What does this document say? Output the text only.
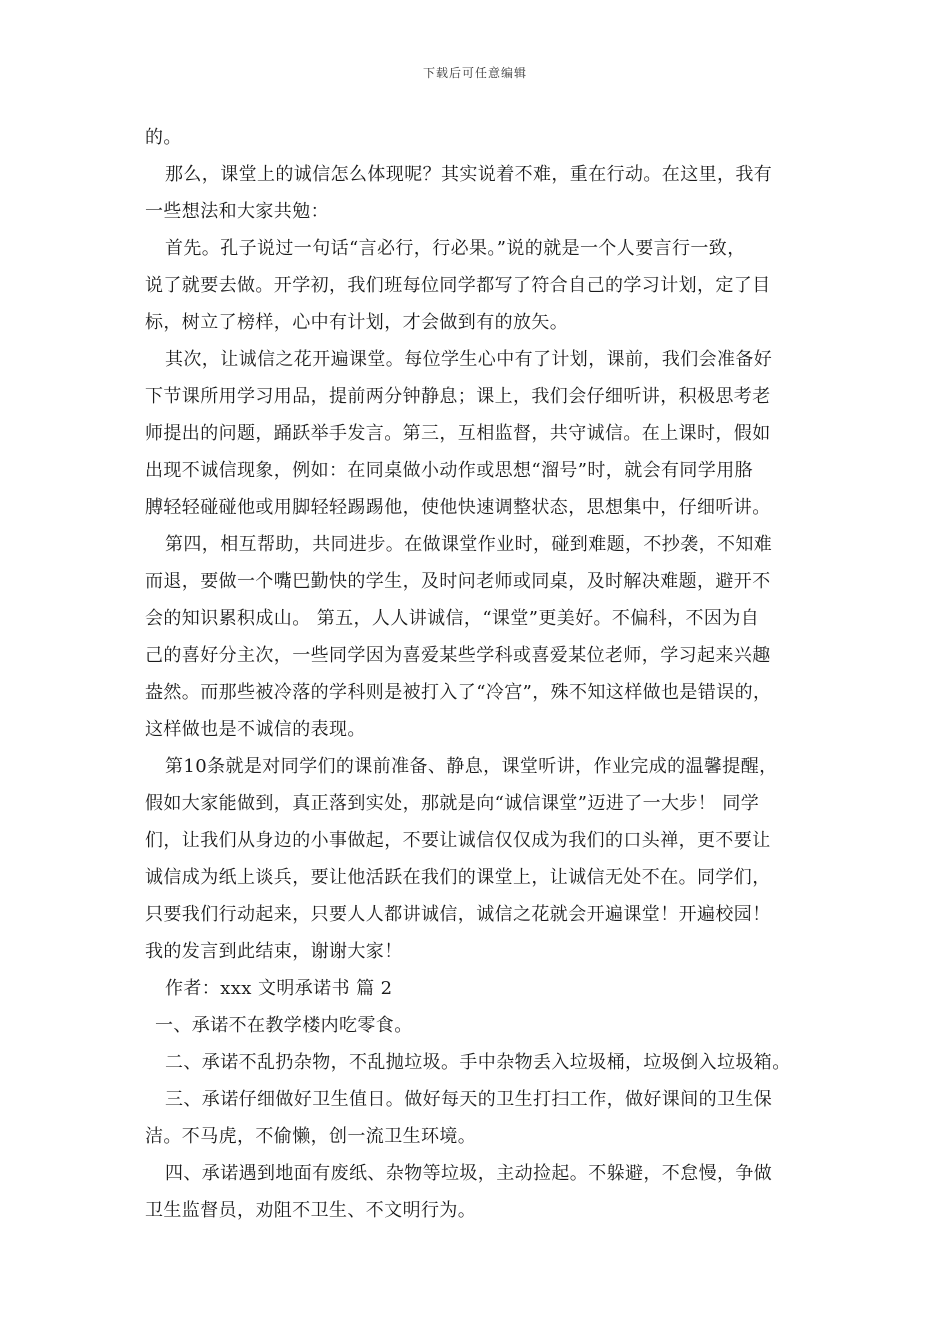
下载后可任意编辑
的。
那么，课堂上的诚信怎么体现呢？其实说着不难，重在行动。在这里，我有
一些想法和大家共勉：
首先。孔子说过一句话“言必行，行必果。”说的就是一个人要言行一致，
说了就要去做。开学初，我们班每位同学都写了符合自己的学习计划，定了目
标，树立了榜样，心中有计划，才会做到有的放矢。
其次，让诚信之花开遍课堂。每位学生心中有了计划，课前，我们会准备好
下节课所用学习用品，提前两分钟静息；课上，我们会仔细听讲，积极思考老
师提出的问题，踊跃举手发言。第三，互相监督，共守诚信。在上课时，假如
出现不诚信现象，例如：在同桌做小动作或思想“溜号”时，就会有同学用胳
膊轻轻碰碰他或用脚轻轻踢踢他，使他快速调整状态，思想集中，仔细听讲。
第四，相互帮助，共同进步。在做课堂作业时，碰到难题，不抄袭，不知难
而退，要做一个嘴巴勤快的学生，及时问老师或同桌，及时解决难题，避开不
会的知识累积成山。 第五，人人讲诚信，“课堂”更美好。不偏科，不因为自
己的喜好分主次，一些同学因为喜爱某些学科或喜爱某位老师，学习起来兴趣
盎然。而那些被冷落的学科则是被打入了“冷宫”，殊不知这样做也是错误的，
这样做也是不诚信的表现。
第10条就是对同学们的课前准备、静息，课堂听讲，作业完成的温馨提醒，
假如大家能做到，真正落到实处，那就是向“诚信课堂”迈进了一大步！ 同学
们，让我们从身边的小事做起，不要让诚信仅仅成为我们的口头禅，更不要让
诚信成为纸上谈兵，要让他活跃在我们的课堂上，让诚信无处不在。同学们，
只要我们行动起来，只要人人都讲诚信，诚信之花就会开遍课堂！开遍校园！
我的发言到此结束，谢谢大家！
作者：xxx 文明承诺书 篇 2
一、承诺不在教学楼内吃零食。
二、承诺不乱扔杂物，不乱抛垃圾。手中杂物丢入垃圾桶，垃圾倒入垃圾箱。
三、承诺仔细做好卫生值日。做好每天的卫生打扫工作，做好课间的卫生保
洁。不马虎，不偷懒，创一流卫生环境。
四、承诺遇到地面有废纸、杂物等垃圾，主动捡起。不躲避，不怠慢，争做
卫生监督员，劝阻不卫生、不文明行为。
